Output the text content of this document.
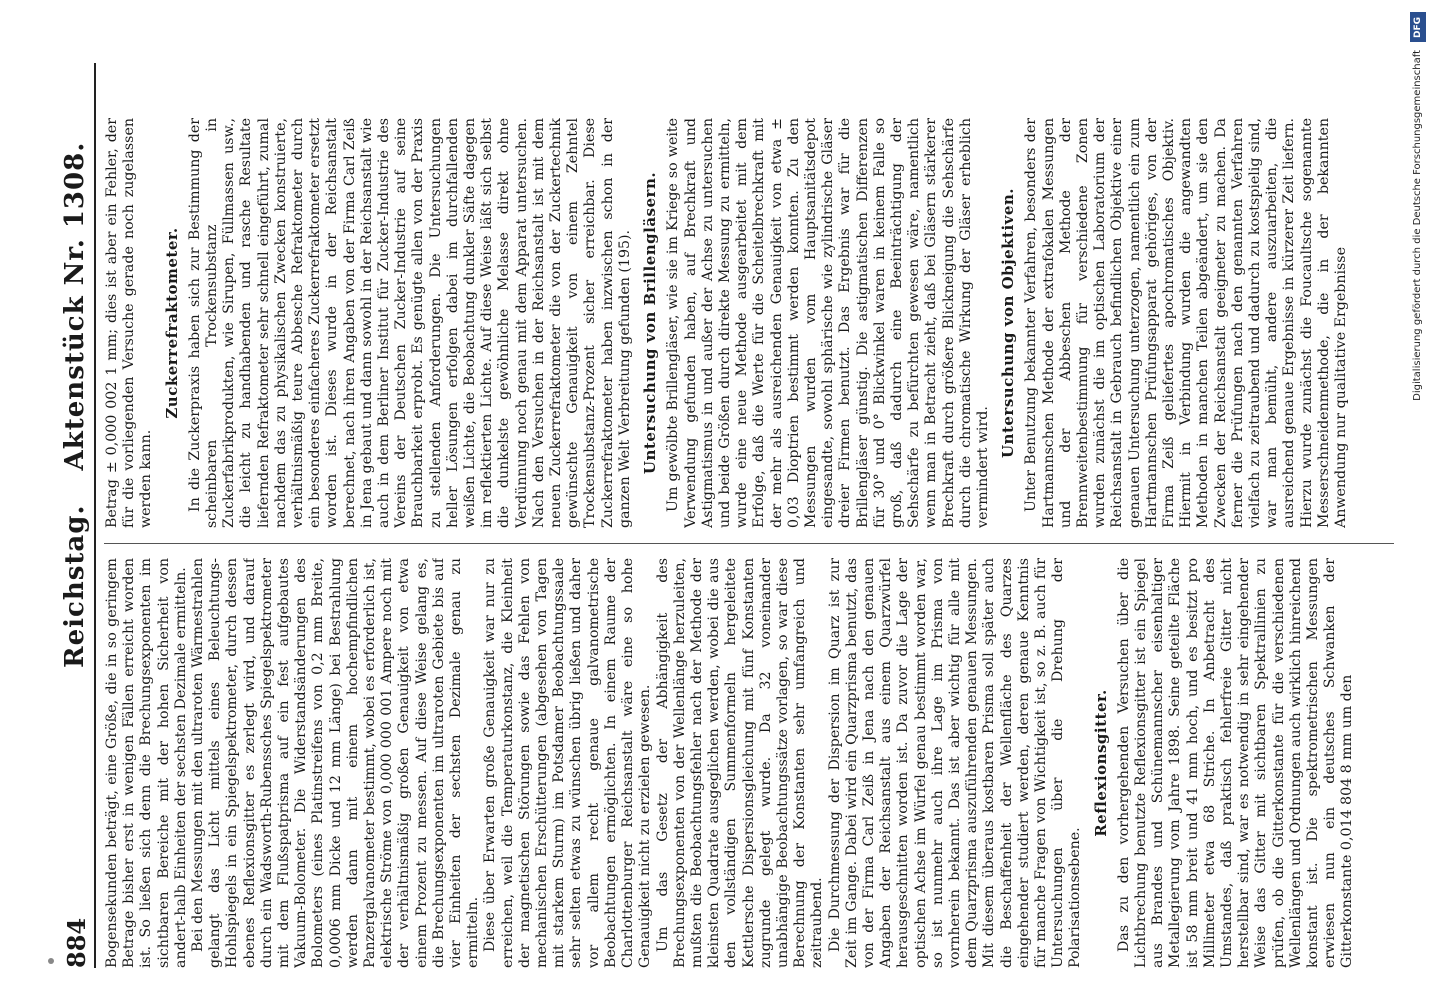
884
Reichstag. Aktenstück Nr. 1308.

Bogensekunden beträgt, eine Größe, die in so geringem Betrage bisher erst in wenigen Fällen erreicht worden ist. So ließen sich denn die Brechungsexponenten im sichtbaren Bereiche mit der hohen Sicherheit von andert-halb Einheiten der sechsten Dezimale ermitteln. Bei den Messungen mit den ultraroten Wärmestrahlen gelangt das Licht mittels eines Beleuchtungs-Hohlspiegels in ein Spiegelspektrometer, durch dessen ebenes Reflexionsgitter es zerlegt wird, und darauf durch ein Wadsworth-Rubenssches Spiegelspektrometer mit dem Flußspatprisma auf ein fest aufgebautes Vakuum-Bolometer. Die Widerstandsänderungen des Bolometers (eines Platinstreifens von 0,2 mm Breite, 0,0006 mm Dicke und 12 mm Länge) bei Bestrahlung werden dann mit einem hochempfindlichen Panzergalvanometer bestimmt, wobei es erforderlich ist, elektrische Ströme von 0,000 000 001 Ampere noch mit der verhältnismäßig großen Genauigkeit von etwa einem Prozent zu messen. Auf diese Weise gelang es, die Brechungsexponenten im ultraroten Gebiete bis auf vier Einheiten der sechsten Dezimale genau zu ermitteln. Diese über Erwarten große Genauigkeit war nur zu erreichen, weil die Temperaturkonstanz, die Kleinheit der magnetischen Störungen sowie das Fehlen von mechanischen Erschütterungen (abgesehen von Tagen mit starkem Sturm) im Potsdamer Beobachtungssaale sehr selten etwas zu wünschen übrig ließen und daher vor allem recht genaue galvanometrische Beobachtungen ermöglichten. In einem Raume der Charlottenburger Reichsanstalt wäre eine so hohe Genauigkeit nicht zu erzielen gewesen. Um das Gesetz der Abhängigkeit des Brechungsexponenten von der Wellenlänge herzuleiten, mußten die Beobachtungsfehler nach der Methode der kleinsten Quadrate ausgeglichen werden, wobei die aus den vollständigen Summenformeln hergeleitete Kettlersche Dispersionsgleichung mit fünf Konstanten zugrunde gelegt wurde. Da 32 voneinander unabhängige Beobachtungssätze vorlagen, so war diese Berechnung der Konstanten sehr umfangreich und zeitraubend. Die Durchmessung der Dispersion im Quarz ist zur Zeit im Gange. Dabei wird ein Quarzprisma benutzt, das von der Firma Carl Zeiß in Jena nach den genauen Angaben der Reichsanstalt aus einem Quarzwürfel herausgeschnitten worden ist. Da zuvor die Lage der optischen Achse im Würfel genau bestimmt worden war, so ist nunmehr auch ihre Lage im Prisma von vornherein bekannt. Das ist aber wichtig für alle mit dem Quarzprisma auszuführenden genauen Messungen. Mit diesem überaus kostbaren Prisma soll später auch die Beschaffenheit der Wellenfläche des Quarzes eingehender studiert werden, deren genaue Kenntnis für manche Fragen von Wichtigkeit ist, so z. B. auch für Untersuchungen über die Drehung der Polarisationsebene.

Reflexionsgitter. Das zu den vorhergehenden Versuchen über die Lichtbrechung benutzte Reflexionsgitter ist ein Spiegel aus Brandes und Schünemannscher eisenhaltiger Metallegierung vom Jahre 1898. Seine geteilte Fläche ist 58 mm breit und 41 mm hoch, und es besitzt pro Millimeter etwa 68 Striche. In Anbetracht des Umstandes, daß praktisch fehlerfreie Gitter nicht herstellbar sind, war es notwendig in sehr eingehender Weise das Gitter mit sichtbaren Spektrallinien zu prüfen, ob die Gitterkonstante für die verschiedenen Wellenlängen und Ordnungen auch wirklich hinreichend konstant ist. Die spektrometrischen Messungen erwiesen nun ein deutsches Schwanken der Gitterkonstante 0,014 804 8 mm um den

Betrag ± 0,000 002 1 mm; dies ist aber ein Fehler, der für die vorliegenden Versuche gerade noch zugelassen werden kann.

Zuckerrefraktometer. In die Zuckerpraxis haben sich zur Bestimmung der scheinbaren Trockensubstanz in Zuckerfabrikprodukten, wie Sirupen, Füllmassen usw., die leicht zu handhabenden und rasche Resultate liefernden Refraktometer sehr schnell eingeführt, zumal nachdem das zu physikalischen Zwecken konstruierte, verhältnismäßig teure Abbesche Refraktometer durch ein besonderes einfacheres Zuckerrefraktometer ersetzt worden ist. Dieses wurde in der Reichsanstalt berechnet, nach ihren Angaben von der Firma Carl Zeiß in Jena gebaut und dann sowohl in der Reichsanstalt wie auch in dem Berliner Institut für Zucker-Industrie des Vereins der Deutschen Zucker-Industrie auf seine Brauchbarkeit erprobt. Es genügte allen von der Praxis zu stellenden Anforderungen. Die Untersuchungen heller Lösungen erfolgen dabei im durchfallenden weißen Lichte, die Beobachtung dunkler Säfte dagegen im reflektierten Lichte. Auf diese Weise läßt sich selbst die dunkelste gewöhnliche Melasse direkt ohne Verdünnung noch genau mit dem Apparat untersuchen. Nach den Versuchen in der Reichsanstalt ist mit dem neuen Zuckerrefraktometer die von der Zuckertechnik gewünschte Genauigkeit von einem Zehntel Trockensubstanz-Prozent sicher erreichbar. Diese Zuckerrefraktometer haben inzwischen schon in der ganzen Welt Verbreitung gefunden (195). Untersuchung von Brillengläsern. Um gewölbte Brillengläser, wie sie im Kriege so weite Verwendung gefunden haben, auf Brechkraft und Astigmatismus in und außer der Achse zu untersuchen und beide Größen durch direkte Messung zu ermitteln, wurde eine neue Methode ausgearbeitet mit dem Erfolge, daß die Werte für die Scheitelbrechkraft mit der mehr als ausreichenden Genauigkeit von etwa ± 0,03 Dioptrien bestimmt werden konnten. Zu den Messungen wurden vom Hauptsanitätsdepot eingesandte, sowohl sphärische wie zylindrische Gläser dreier Firmen benutzt. Das Ergebnis war für die Brillengläser günstig. Die astigmatischen Differenzen für 30° und 0° Blickwinkel waren in keinem Falle so groß, daß dadurch eine Beeinträchtigung der Sehschärfe zu befürchten gewesen wäre, namentlich wenn man in Betracht zieht, daß bei Gläsern stärkerer Brechkraft durch größere Blickneigung die Sehschärfe durch die chromatische Wirkung der Gläser erheblich vermindert wird.

Untersuchung von Objektiven. Unter Benutzung bekannter Verfahren, besonders der Hartmannschen Methode der extrafokalen Messungen und der Abbeschen Methode der Brennweitenbestimmung für verschiedene Zonen wurden zunächst die im optischen Laboratorium der Reichsanstalt in Gebrauch befindlichen Objektive einer genauen Untersuchung unterzogen, namentlich ein zum Hartmannschen Prüfungsapparat gehöriges, von der Firma Zeiß geliefertes apochromatisches Objektiv. Hiermit in Verbindung wurden die angewandten Methoden in manchen Teilen abgeändert, um sie den Zwecken der Reichsanstalt geeigneter zu machen. Da ferner die Prüfungen nach den genannten Verfahren vielfach zu zeitraubend und dadurch zu kostspielig sind, war man bemüht, andere auszuarbeiten, die ausreichend genaue Ergebnisse in kürzerer Zeit liefern. Hierzu wurde zunächst die Foucaultsche sogenannte Messerschneidenmethode, die in der bekannten Anwendung nur qualitative Ergebnisse

DFG
Digitalisierung gefördert durch die Deutsche Forschungsgemeinschaft
